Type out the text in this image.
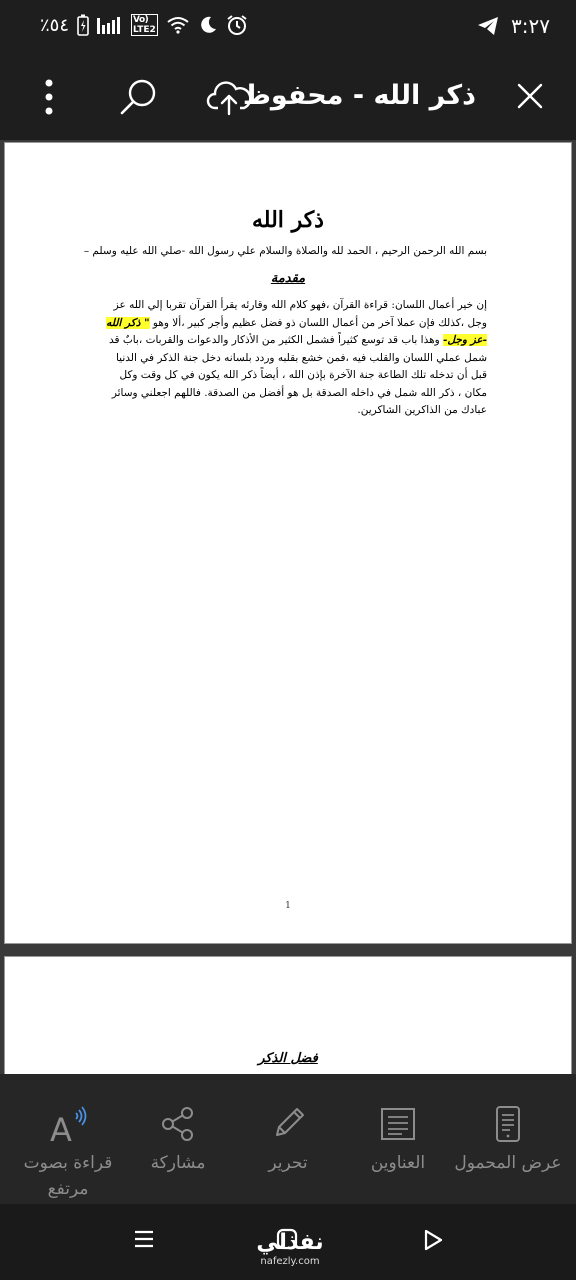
٪٥٤	Vo)
LTE2	٣:٢٧
ذكر الله - محفوظ
ذكر الله
بسم الله الرحمن الرحيم ، الحمد لله والصلاة والسلام علي رسول الله -صلي الله عليه وسلم –
مقدمة
إن خير أعمال اللسان: قراءة القرآن ،فهو كلام الله وقارئه يقرأ القرآن تقربا إلي الله عز وجل ،كذلك فإن عملا آخر من أعمال اللسان ذو فضل عظيم وأجر كبير ،ألا وهو " ذكر الله -عز وجل- وهذا باب قد توسع كثيراً فشمل الكثير من الأذكار والدعوات والقربات ،بابٌ قد شمل عملي اللسان والقلب فيه ،فمن خشع بقلبه وردد بلسانه دخل جنة الذكر في الدنيا قبل أن تدخله تلك الطاعة جنة الآخرة بإذن الله ، أيضاً ذكر الله يكون في كل وقت وكل مكان ، ذكر الله شمل في داخله الصدقة بل هو أفضل من الصدقة. فاللهم اجعلني وسائر عبادك من الذاكرين الشاكرين.
1
فضل الذكر
عرض المحمول
العناوين
تحرير
مشاركة
A
قراءة بصوت مرتفع
نفذلي
nafezly.com
